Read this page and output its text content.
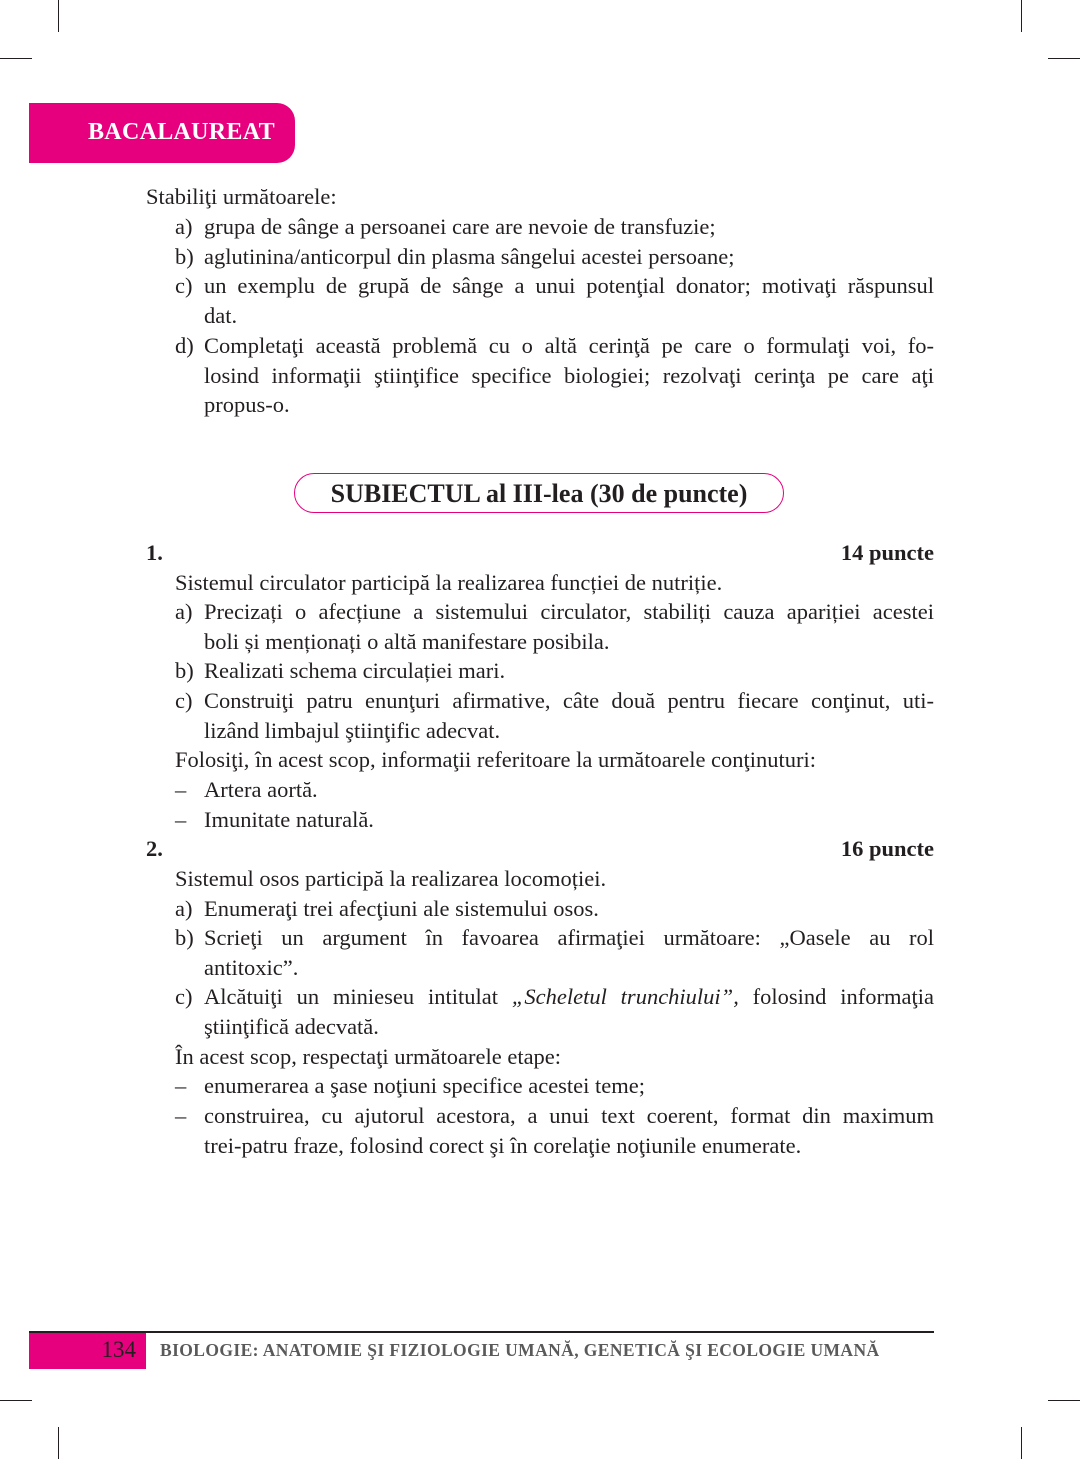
BACALAUREAT
Stabiliţi următoarele:
a) grupa de sânge a persoanei care are nevoie de transfuzie;
b) aglutinina/anticorpul din plasma sângelui acestei persoane;
c) un exemplu de grupă de sânge a unui potenţial donator; motivaţi răspunsul
dat.
d) Completaţi această problemă cu o altă cerinţă pe care o formulaţi voi, fo-
losind informaţii ştiinţifice specifice biologiei; rezolvaţi cerinţa pe care aţi
propus-o.
SUBIECTUL al III-lea (30 de puncte)
1.	14 puncte
Sistemul circulator participă la realizarea funcției de nutriție.
a) Precizați o afecțiune a sistemului circulator, stabiliți cauza apariției acestei
boli și menționați o altă manifestare posibila.
b) Realizati schema circulației mari.
c) Construiţi patru enunţuri afirmative, câte două pentru fiecare conţinut, uti-
lizând limbajul ştiinţific adecvat.
Folosiţi, în acest scop, informaţii referitoare la următoarele conţinuturi:
– Artera aortă.
– Imunitate naturală.
2.	16 puncte
Sistemul osos participă la realizarea locomoției.
a) Enumeraţi trei afecţiuni ale sistemului osos.
b) Scrieţi un argument în favoarea afirmaţiei următoare: „Oasele au rol
antitoxic”.
c) Alcătuiţi un minieseu intitulat „Scheletul trunchiului”, folosind informaţia
ştiinţifică adecvată.
În acest scop, respectaţi următoarele etape:
– enumerarea a şase noţiuni specifice acestei teme;
– construirea, cu ajutorul acestora, a unui text coerent, format din maximum
trei-patru fraze, folosind corect şi în corelaţie noţiunile enumerate.
134 BIOLOGIE: ANATOMIE ŞI FIZIOLOGIE UMANĂ, GENETICĂ ŞI ECOLOGIE UMANĂ
